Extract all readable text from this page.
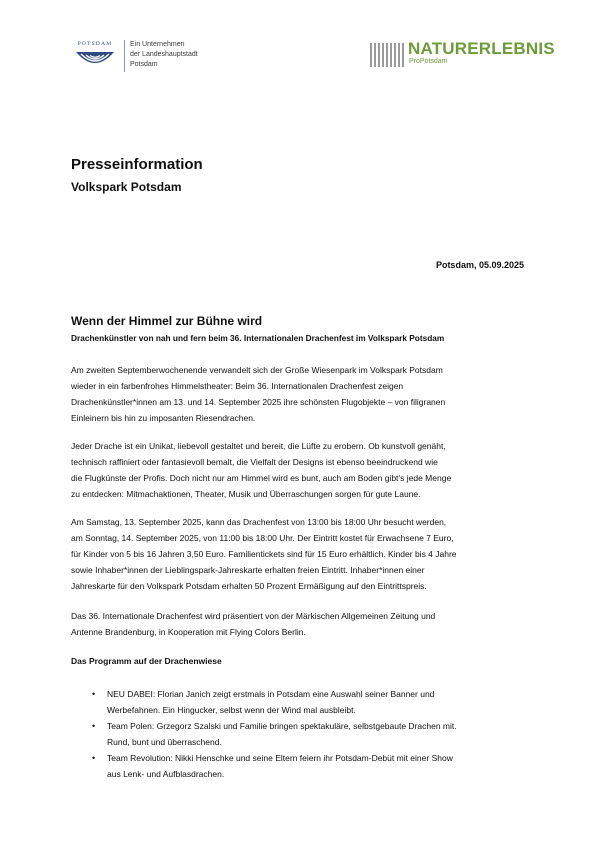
POTSDAM	Ein Unternehmen
der Landeshauptstadt
Potsdam
NATURERLEBNIS
ProPotsdam
Presseinformation
Volkspark Potsdam
Potsdam, 05.09.2025
Wenn der Himmel zur Bühne wird
Drachenkünstler von nah und fern beim 36. Internationalen Drachenfest im Volkspark Potsdam
Am zweiten Septemberwochenende verwandelt sich der Große Wiesenpark im Volkspark Potsdam
wieder in ein farbenfrohes Himmelstheater: Beim 36. Internationalen Drachenfest zeigen
Drachenkünstler*innen am 13. und 14. September 2025 ihre schönsten Flugobjekte – von filigranen
Einleinern bis hin zu imposanten Riesendrachen.
Jeder Drache ist ein Unikat, liebevoll gestaltet und bereit, die Lüfte zu erobern. Ob kunstvoll genäht,
technisch raffiniert oder fantasievoll bemalt, die Vielfalt der Designs ist ebenso beeindruckend wie
die Flugkünste der Profis. Doch nicht nur am Himmel wird es bunt, auch am Boden gibt’s jede Menge
zu entdecken: Mitmachaktionen, Theater, Musik und Überraschungen sorgen für gute Laune.
Am Samstag, 13. September 2025, kann das Drachenfest von 13:00 bis 18:00 Uhr besucht werden,
am Sonntag, 14. September 2025, von 11:00 bis 18:00 Uhr. Der Eintritt kostet für Erwachsene 7 Euro,
für Kinder von 5 bis 16 Jahren 3,50 Euro. Familientickets sind für 15 Euro erhältlich. Kinder bis 4 Jahre
sowie Inhaber*innen der Lieblingspark-Jahreskarte erhalten freien Eintritt. Inhaber*innen einer
Jahreskarte für den Volkspark Potsdam erhalten 50 Prozent Ermäßigung auf den Eintrittspreis.
Das 36. Internationale Drachenfest wird präsentiert von der Märkischen Allgemeinen Zeitung und
Antenne Brandenburg, in Kooperation mit Flying Colors Berlin.
Das Programm auf der Drachenwiese
• NEU DABEI: Florian Janich zeigt erstmals in Potsdam eine Auswahl seiner Banner und
Werbefahnen. Ein Hingucker, selbst wenn der Wind mal ausbleibt.
• Team Polen: Grzegorz Szalski und Familie bringen spektakuläre, selbstgebaute Drachen mit.
Rund, bunt und überraschend.
• Team Revolution: Nikki Henschke und seine Eltern feiern ihr Potsdam-Debüt mit einer Show
aus Lenk- und Aufblasdrachen.
